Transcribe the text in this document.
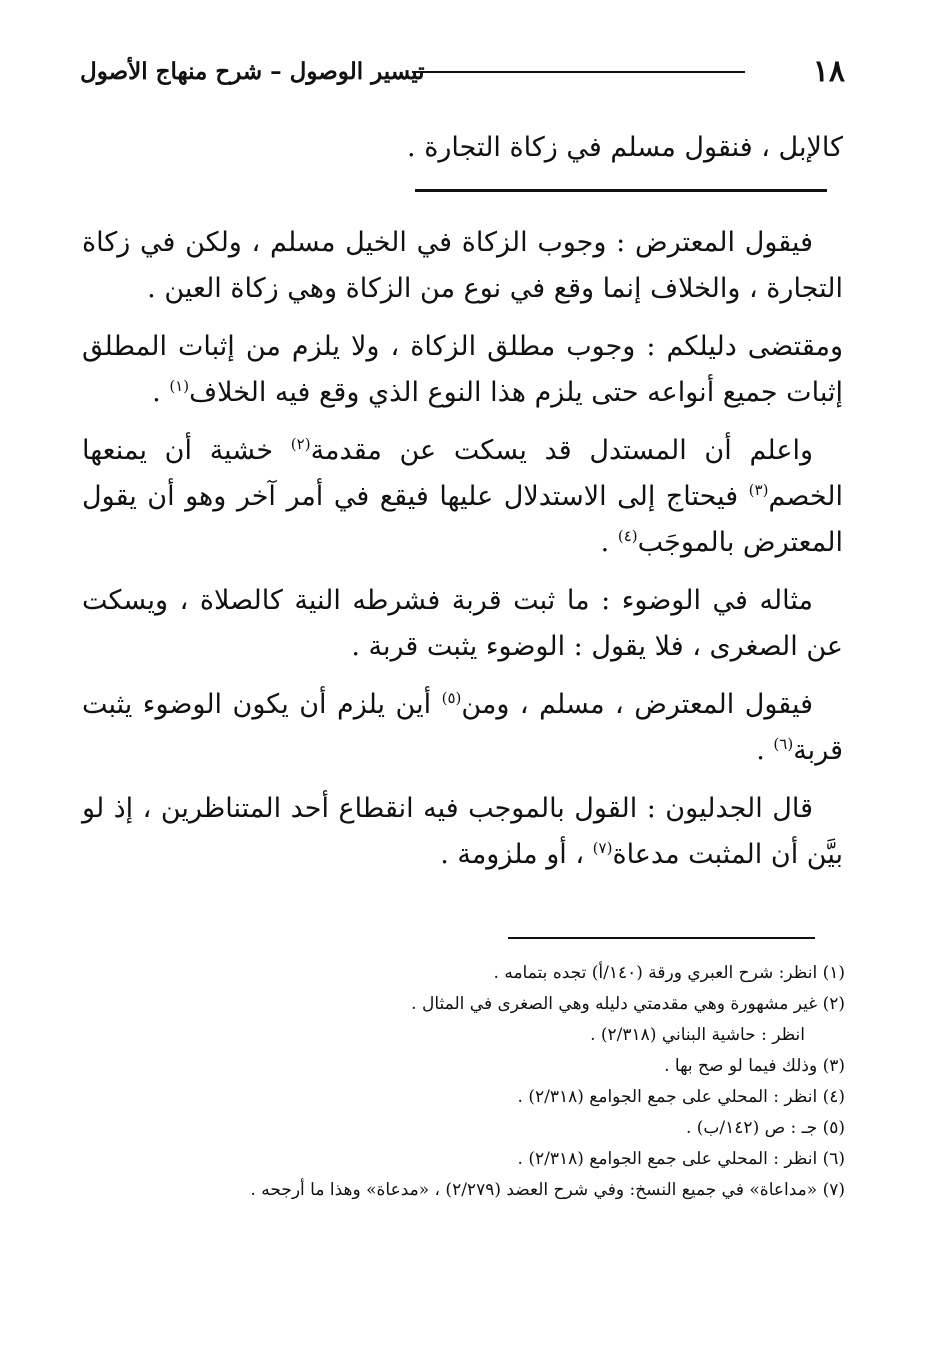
١٨
تيسير الوصول – شرح منهاج الأصول

كالإبل ، فنقول مسلم في زكاة التجارة .

فيقول المعترض : وجوب الزكاة في الخيل مسلم ، ولكن في زكاة التجارة ، والخلاف إنما وقع في نوع من الزكاة وهي زكاة العين .

ومقتضى دليلكم : وجوب مطلق الزكاة ، ولا يلزم من إثبات المطلق إثبات جميع أنواعه حتى يلزم هذا النوع الذي وقع فيه الخلاف$^{(١)}$ .

واعلم أن المستدل قد يسكت عن مقدمة$^{(٢)}$ خشية أن يمنعها الخصم$^{(٣)}$ فيحتاج إلى الاستدلال عليها فيقع في أمر آخر وهو أن يقول المعترض بالموجَب$^{(٤)}$ .

مثاله في الوضوء : ما ثبت قربة فشرطه النية كالصلاة ، ويسكت عن الصغرى ، فلا يقول : الوضوء يثبت قربة .

فيقول المعترض ، مسلم ، ومن$^{(٥)}$ أين يلزم أن يكون الوضوء يثبت قربة$^{(٦)}$ .

قال الجدليون : القول بالموجب فيه انقطاع أحد المتناظرين ، إذ لو بيَّن أن المثبت مدعاة$^{(٧)}$ ، أو ملزومة .

(١) انظر: شرح العبري ورقة (١٤٠/أ) تجده بتمامه .

(٢) غير مشهورة وهي مقدمتي دليله وهي الصغرى في المثال .

انظر : حاشية البناني (٢/٣١٨) .

(٣) وذلك فيما لو صح بها .

(٤) انظر : المحلي على جمع الجوامع (٢/٣١٨) .

(٥) جـ : ص (١٤٢/ب) .

(٦) انظر : المحلي على جمع الجوامع (٢/٣١٨) .

(٧) «مداعاة» في جميع النسخ: وفي شرح العضد (٢/٢٧٩) ، «مدعاة» وهذا ما أرجحه .
